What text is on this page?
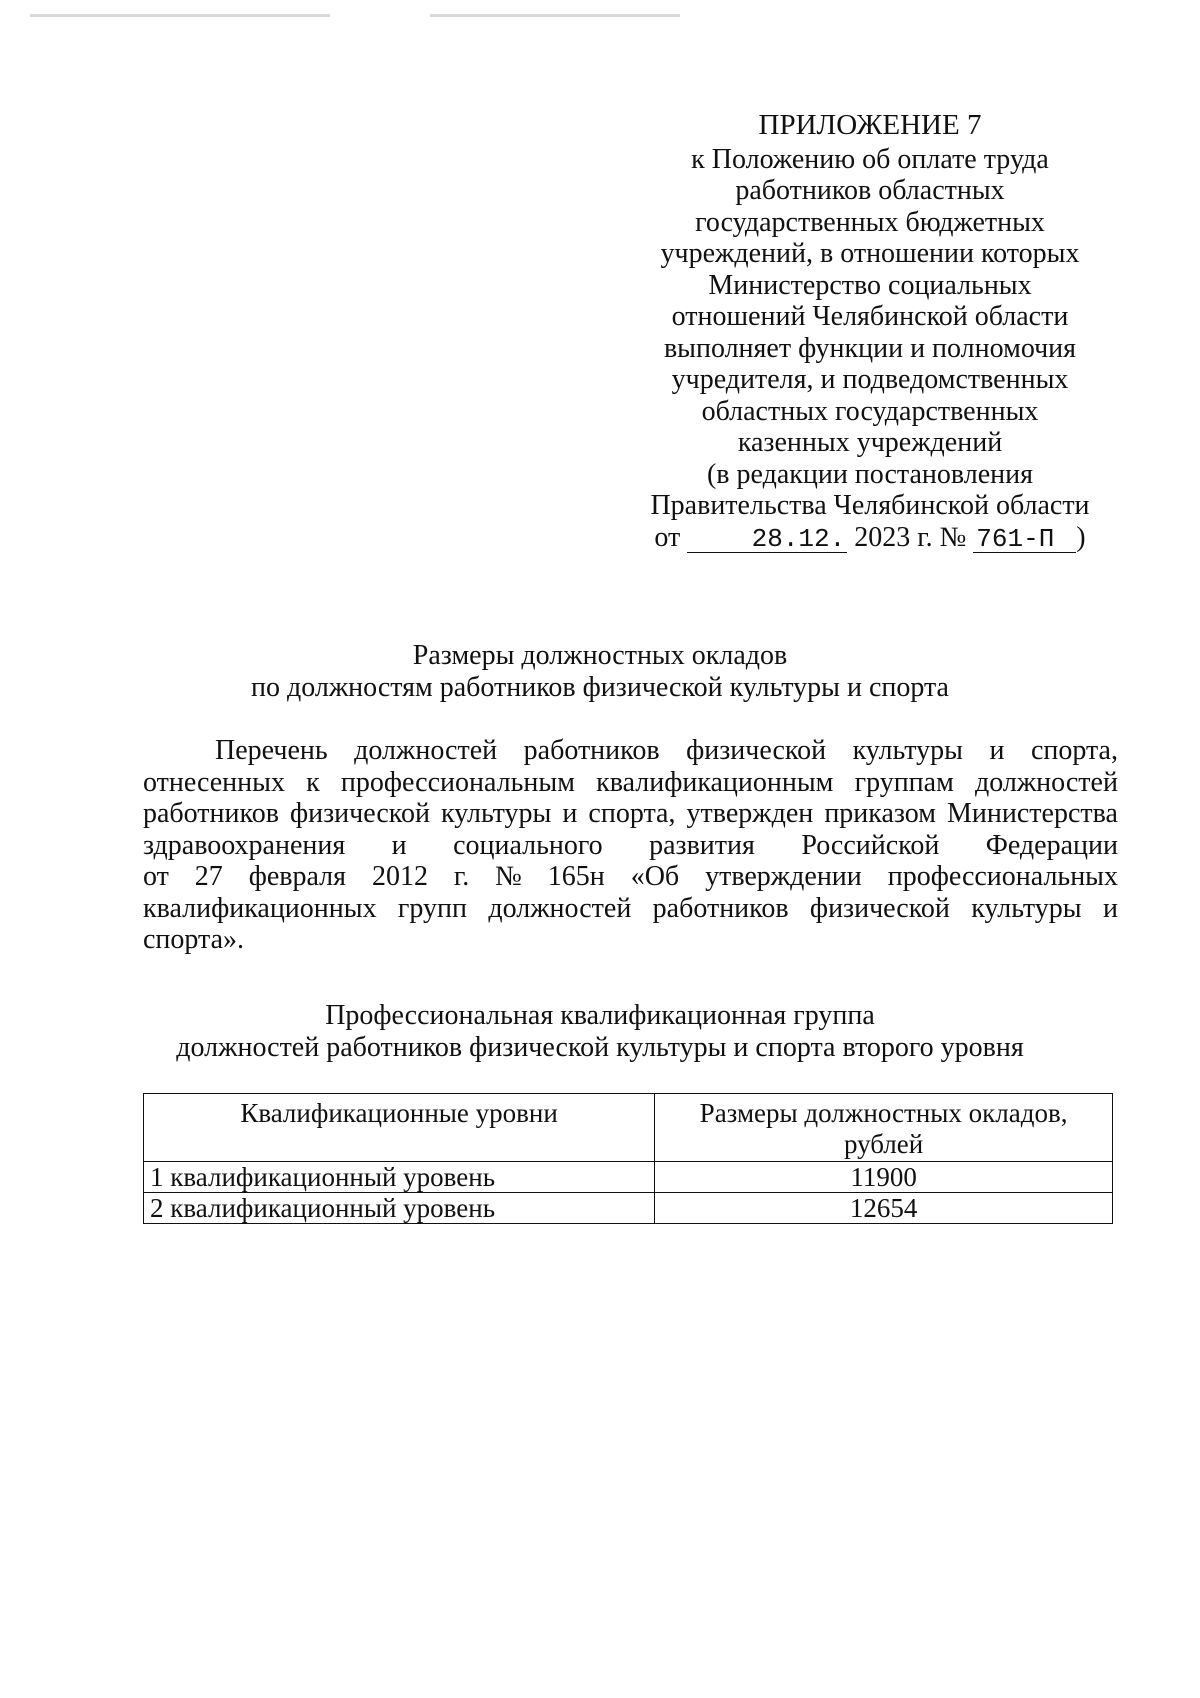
ПРИЛОЖЕНИЕ 7
к Положению об оплате труда
работников областных
государственных бюджетных
учреждений, в отношении которых
Министерство социальных
отношений Челябинской области
выполняет функции и полномочия
учредителя, и подведомственных
областных государственных
казенных учреждений
(в редакции постановления
Правительства Челябинской области
от	28.12. 2023 г. № 761-П )
Размеры должностных окладов
по должностям работников физической культуры и спорта
Перечень должностей работников физической культуры и спорта,
отнесенных к профессиональным квалификационным группам должностей
работников физической культуры и спорта, утвержден приказом Министерства
здравоохранения и социального развития Российской Федерации
от 27 февраля 2012 г. № 165н «Об утверждении профессиональных
квалификационных групп должностей работников физической культуры и
спорта».
Профессиональная квалификационная группа
должностей работников физической культуры и спорта второго уровня
Квалификационные уровни	Размеры должностных окладов, рублей
1 квалификационный уровень	11900
2 квалификационный уровень	12654
